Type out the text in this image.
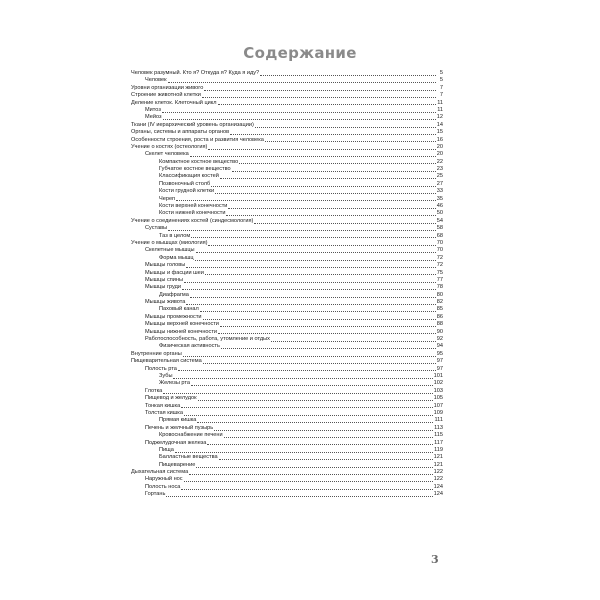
Содержание
Человек разумный. Кто я? Откуда я? Куда я иду?	5
Человек	5
Уровни организации живого	7
Строение животной клетки	7
Деление клеток. Клеточный цикл	11
Митоз	11
Мейоз	12
Ткани (IV иерархический уровень организации)	14
Органы, системы и аппараты органов	15
Особенности строения, роста и развития человека	16
Учение о костях (остеология)	20
Скелет человека	20
Компактное костное вещество	22
Губчатое костное вещество	23
Классификация костей	25
Позвоночный столб	27
Кости грудной клетки	33
Череп	35
Кости верхней конечности	46
Кости нижней конечности	50
Учение о соединениях костей (синдесмология)	54
Суставы	58
Таз в целом	68
Учение о мышцах (миология)	70
Скелетные мышцы	70
Форма мышц	72
Мышцы головы	72
Мышцы и фасции шеи	75
Мышцы спины	77
Мышцы груди	78
Диафрагма	80
Мышцы живота	82
Паховый канал	85
Мышцы промежности	86
Мышцы верхней конечности	88
Мышцы нижней конечности	90
Работоспособность, работа, утомление и отдых	92
Физическая активность	94
Внутренние органы	95
Пищеварительная система	97
Полость рта	97
Зубы	101
Железы рта	102
Глотка	103
Пищевод и желудок	105
Тонкая кишка	107
Толстая кишка	109
Прямая кишка	111
Печень и желчный пузырь	113
Кровоснабжение печени	115
Поджелудочная железа	117
Пища	119
Балластные вещества	121
Пищеварение	121
Дыхательная система	122
Наружный нос	122
Полость носа	124
Гортань	124
3
